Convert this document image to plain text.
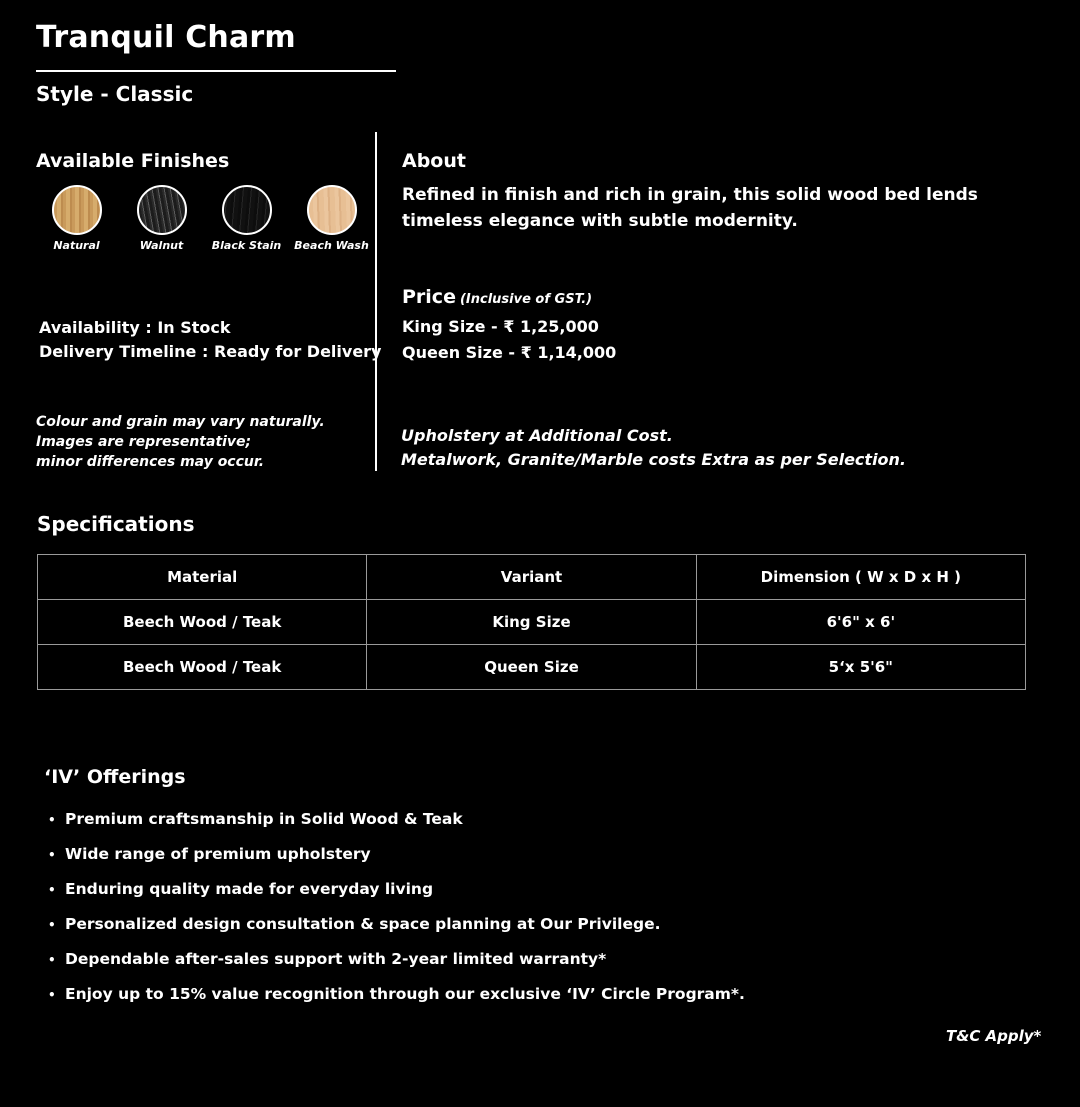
Tranquil Charm
Style - Classic
Available Finishes
Natural	Walnut	Black Stain Beach Wash
Availability : In Stock
Delivery Timeline : Ready for Delivery
Colour and grain may vary naturally.
Images are representative;
minor differences may occur.
About
Refined in finish and rich in grain, this solid wood bed lends timeless elegance with subtle modernity.
Price (Inclusive of GST.)
King Size - ₹ 1,25,000
Queen Size - ₹ 1,14,000
Upholstery at Additional Cost.
Metalwork, Granite/Marble costs Extra as per Selection.
Specifications
Material	Variant	Dimension ( W x D x H )
Beech Wood / Teak	King Size	6'6" x 6'
Beech Wood / Teak	Queen Size	5‘x 5'6"
‘IV’ Offerings
• Premium craftsmanship in Solid Wood & Teak
• Wide range of premium upholstery
• Enduring quality made for everyday living
• Personalized design consultation & space planning at Our Privilege.
• Dependable after-sales support with 2-year limited warranty*
• Enjoy up to 15% value recognition through our exclusive ‘IV’ Circle Program*.
T&C Apply*
